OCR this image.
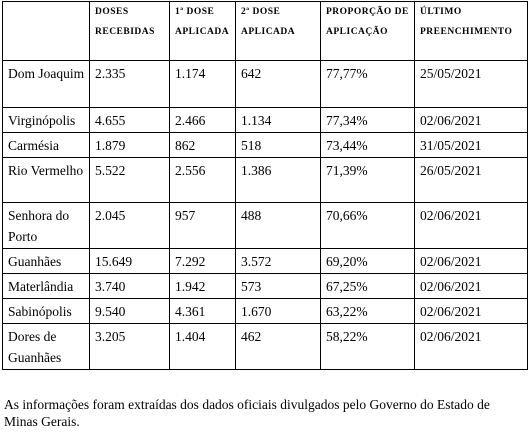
	DOSES RECEBIDAS	1ª DOSE APLICADA	2ª DOSE APLICADA	PROPORÇÃO DE APLICAÇÃO	ÚLTIMO PREENCHIMENTO
Dom Joaquim	2.335	1.174	642	77,77%	25/05/2021
Virginópolis	4.655	2.466	1.134	77,34%	02/06/2021
Carmésia	1.879	862	518	73,44%	31/05/2021
Rio Vermelho	5.522	2.556	1.386	71,39%	26/05/2021
Senhora do Porto	2.045	957	488	70,66%	02/06/2021
Guanhães	15.649	7.292	3.572	69,20%	02/06/2021
Materlândia	3.740	1.942	573	67,25%	02/06/2021
Sabinópolis	9.540	4.361	1.670	63,22%	02/06/2021
Dores de Guanhães	3.205	1.404	462	58,22%	02/06/2021
As informações foram extraídas dos dados oficiais divulgados pelo Governo do Estado de Minas Gerais.
